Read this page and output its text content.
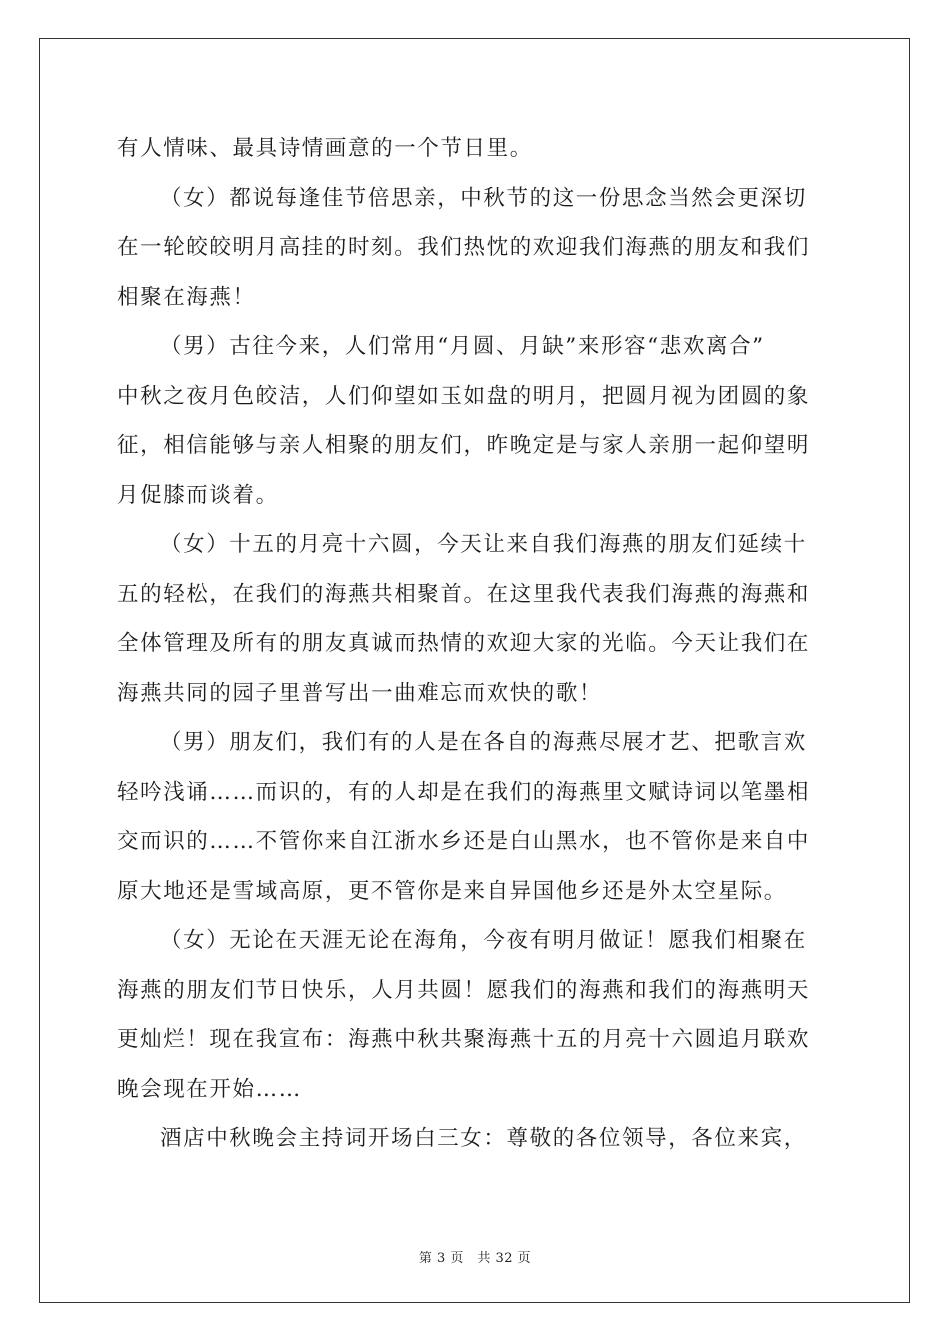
有人情味、最具诗情画意的一个节日里。
（女）都说每逢佳节倍思亲，中秋节的这一份思念当然会更深切
在一轮皎皎明月高挂的时刻。我们热忱的欢迎我们海燕的朋友和我们
相聚在海燕！
（男）古往今来，人们常用“月圆、月缺”来形容“悲欢离合”
中秋之夜月色皎洁，人们仰望如玉如盘的明月，把圆月视为团圆的象
征，相信能够与亲人相聚的朋友们，昨晚定是与家人亲朋一起仰望明
月促膝而谈着。
（女）十五的月亮十六圆，今天让来自我们海燕的朋友们延续十
五的轻松，在我们的海燕共相聚首。在这里我代表我们海燕的海燕和
全体管理及所有的朋友真诚而热情的欢迎大家的光临。今天让我们在
海燕共同的园子里普写出一曲难忘而欢快的歌！
（男）朋友们，我们有的人是在各自的海燕尽展才艺、把歌言欢
轻吟浅诵……而识的，有的人却是在我们的海燕里文赋诗词以笔墨相
交而识的……不管你来自江浙水乡还是白山黑水，也不管你是来自中
原大地还是雪域高原，更不管你是来自异国他乡还是外太空星际。
（女）无论在天涯无论在海角，今夜有明月做证！愿我们相聚在
海燕的朋友们节日快乐，人月共圆！愿我们的海燕和我们的海燕明天
更灿烂！现在我宣布：海燕中秋共聚海燕十五的月亮十六圆追月联欢
晚会现在开始……
酒店中秋晚会主持词开场白三女：尊敬的各位领导，各位来宾，
第 3 页　共 32 页
